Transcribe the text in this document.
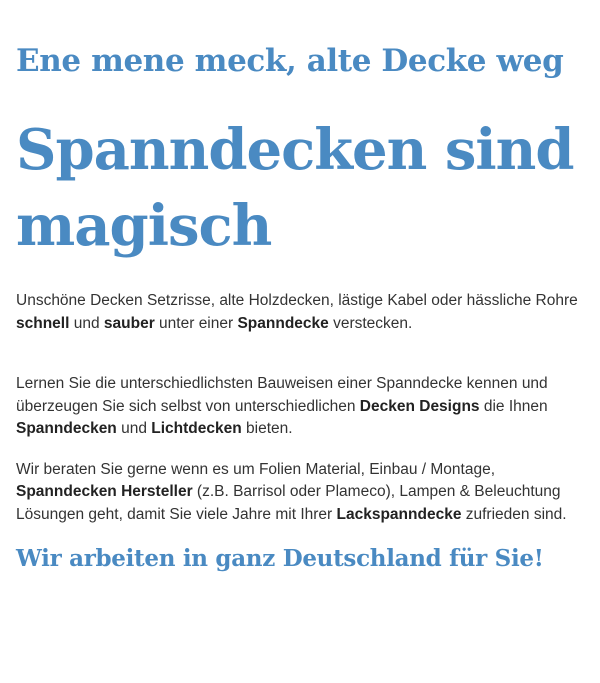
Ene mene meck, alte Decke weg
Spanndecken sind
magisch

Unschöne Decken Setzrisse, alte Holzdecken, lästige Kabel oder hässliche Rohre schnell und sauber unter einer Spanndecke verstecken.

Lernen Sie die unterschiedlichsten Bauweisen einer Spanndecke kennen und überzeugen Sie sich selbst von unterschiedlichen Decken Designs die Ihnen Spanndecken und Lichtdecken bieten.

Wir beraten Sie gerne wenn es um Folien Material, Einbau / Montage, Spanndecken Hersteller (z.B. Barrisol oder Plameco), Lampen & Beleuchtung Lösungen geht, damit Sie viele Jahre mit Ihrer Lackspanndecke zufrieden sind.

Wir arbeiten in ganz Deutschland für Sie!
